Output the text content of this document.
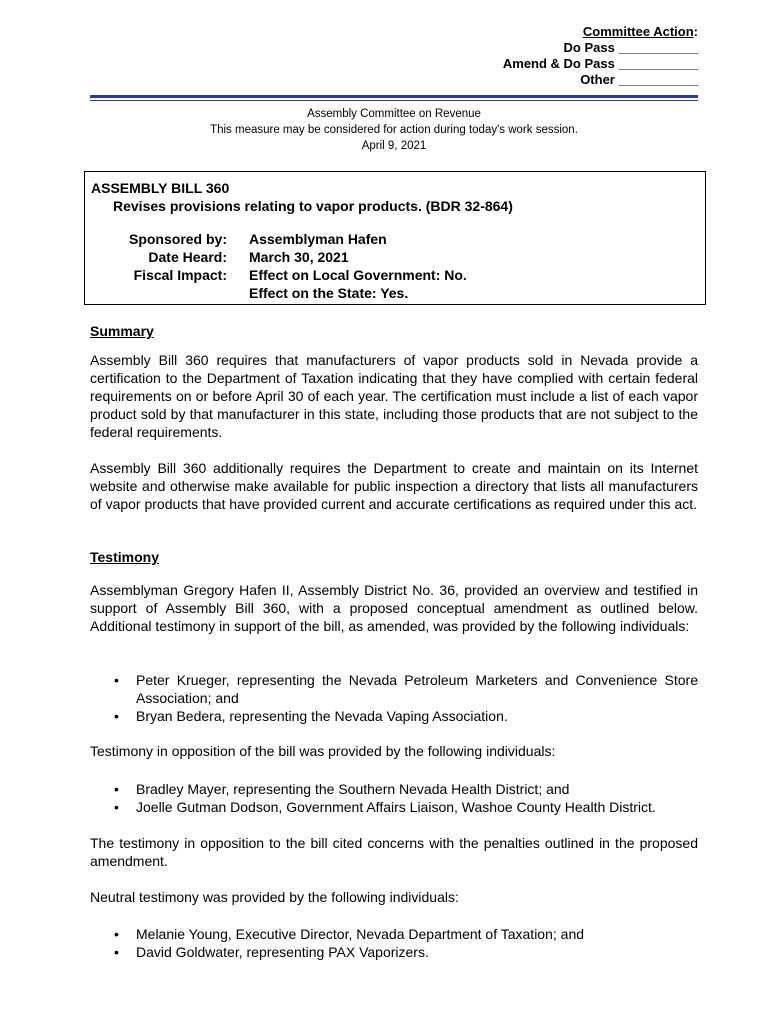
Committee Action:
Do Pass ___________
Amend & Do Pass ___________
Other ___________
Assembly Committee on Revenue
This measure may be considered for action during today's work session.
April 9, 2021
ASSEMBLY BILL 360
Revises provisions relating to vapor products. (BDR 32-864)
Sponsored by: Assemblyman Hafen
Date Heard: March 30, 2021
Fiscal Impact: Effect on Local Government: No.
Effect on the State: Yes.
Summary

Assembly Bill 360 requires that manufacturers of vapor products sold in Nevada provide a certification to the Department of Taxation indicating that they have complied with certain federal requirements on or before April 30 of each year. The certification must include a list of each vapor product sold by that manufacturer in this state, including those products that are not subject to the federal requirements.

Assembly Bill 360 additionally requires the Department to create and maintain on its Internet website and otherwise make available for public inspection a directory that lists all manufacturers of vapor products that have provided current and accurate certifications as required under this act.

Testimony

Assemblyman Gregory Hafen II, Assembly District No. 36, provided an overview and testified in support of Assembly Bill 360, with a proposed conceptual amendment as outlined below. Additional testimony in support of the bill, as amended, was provided by the following individuals:

• Peter Krueger, representing the Nevada Petroleum Marketers and Convenience Store Association; and
• Bryan Bedera, representing the Nevada Vaping Association.

Testimony in opposition of the bill was provided by the following individuals:

• Bradley Mayer, representing the Southern Nevada Health District; and
• Joelle Gutman Dodson, Government Affairs Liaison, Washoe County Health District.

The testimony in opposition to the bill cited concerns with the penalties outlined in the proposed amendment.

Neutral testimony was provided by the following individuals:

• Melanie Young, Executive Director, Nevada Department of Taxation; and
• David Goldwater, representing PAX Vaporizers.
